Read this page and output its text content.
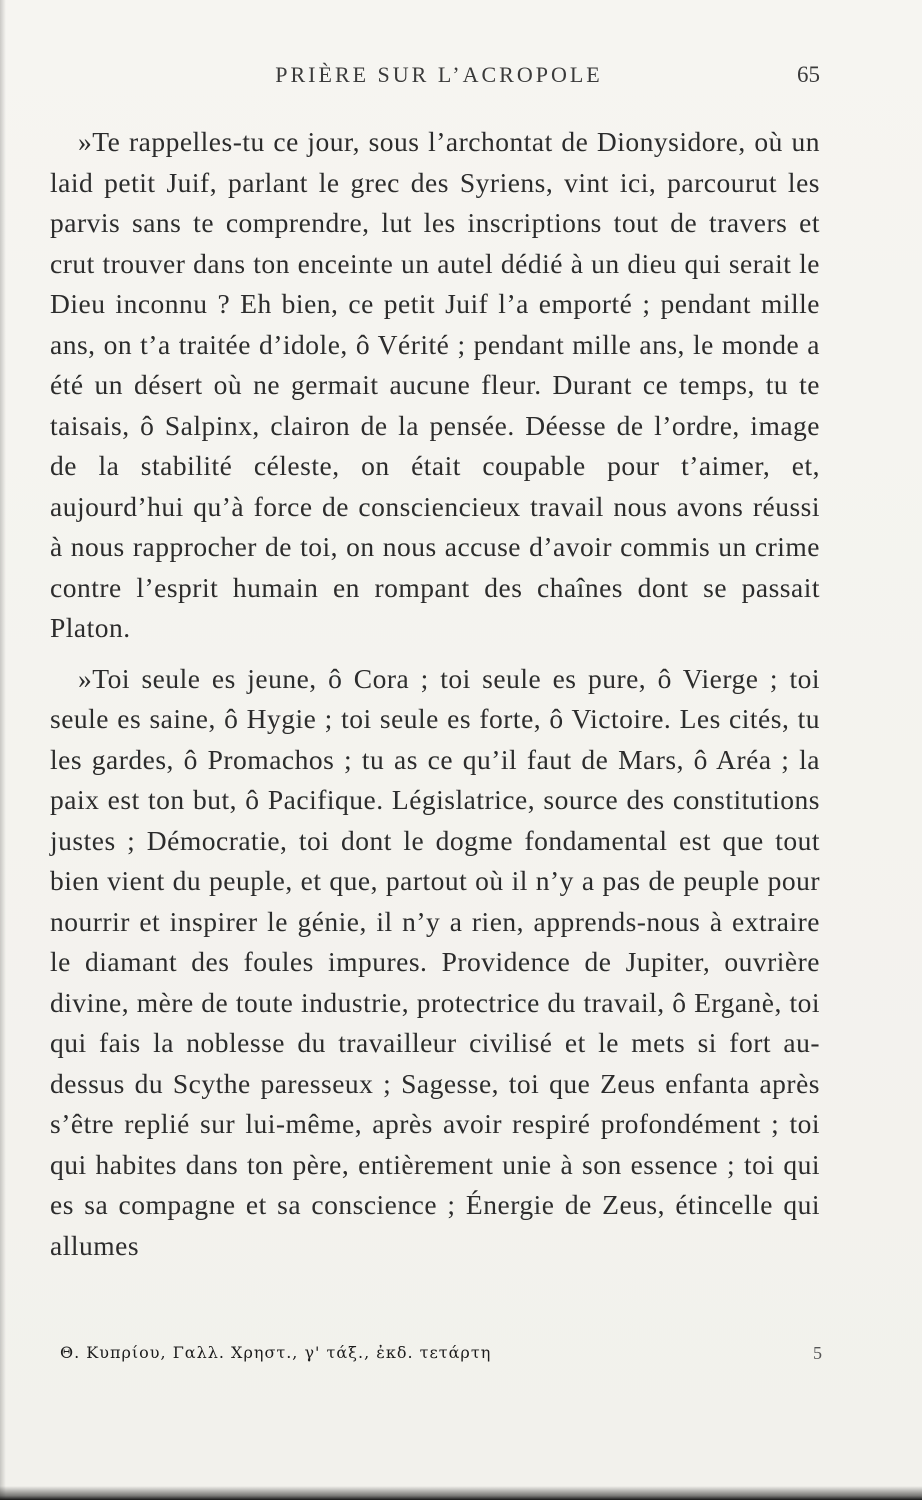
PRIÈRE SUR L’ACROPOLE	65

»Te rappelles-tu ce jour, sous l’archontat de Dionysidore, où un laid petit Juif, parlant le grec des Syriens, vint ici, parcourut les parvis sans te comprendre, lut les inscriptions tout de travers et crut trouver dans ton enceinte un autel dédié à un dieu qui serait le Dieu inconnu ? Eh bien, ce petit Juif l’a emporté ; pendant mille ans, on t’a traitée d’idole, ô Vérité ; pendant mille ans, le monde a été un désert où ne germait aucune fleur. Durant ce temps, tu te taisais, ô Salpinx, clairon de la pensée. Déesse de l’ordre, image de la stabilité céleste, on était coupable pour t’aimer, et, aujourd’hui qu’à force de consciencieux travail nous avons réussi à nous rapprocher de toi, on nous accuse d’avoir commis un crime contre l’esprit humain en rompant des chaînes dont se passait Platon.

»Toi seule es jeune, ô Cora ; toi seule es pure, ô Vierge ; toi seule es saine, ô Hygie ; toi seule es forte, ô Victoire. Les cités, tu les gardes, ô Promachos ; tu as ce qu’il faut de Mars, ô Aréa ; la paix est ton but, ô Pacifique. Législatrice, source des constitutions justes ; Démocratie, toi dont le dogme fondamental est que tout bien vient du peuple, et que, partout où il n’y a pas de peuple pour nourrir et inspirer le génie, il n’y a rien, apprends-nous à extraire le diamant des foules impures. Providence de Jupiter, ouvrière divine, mère de toute industrie, protectrice du travail, ô Erganè, toi qui fais la noblesse du travailleur civilisé et le mets si fort au-dessus du Scythe paresseux ; Sagesse, toi que Zeus enfanta après s’être replié sur lui-même, après avoir respiré profondément ; toi qui habites dans ton père, entièrement unie à son essence ; toi qui es sa compagne et sa conscience ; Énergie de Zeus, étincelle qui allumes

Θ. Κυπρίου, Γαλλ. Χρηστ., γ' τάξ., ἐκδ. τετάρτη	5
